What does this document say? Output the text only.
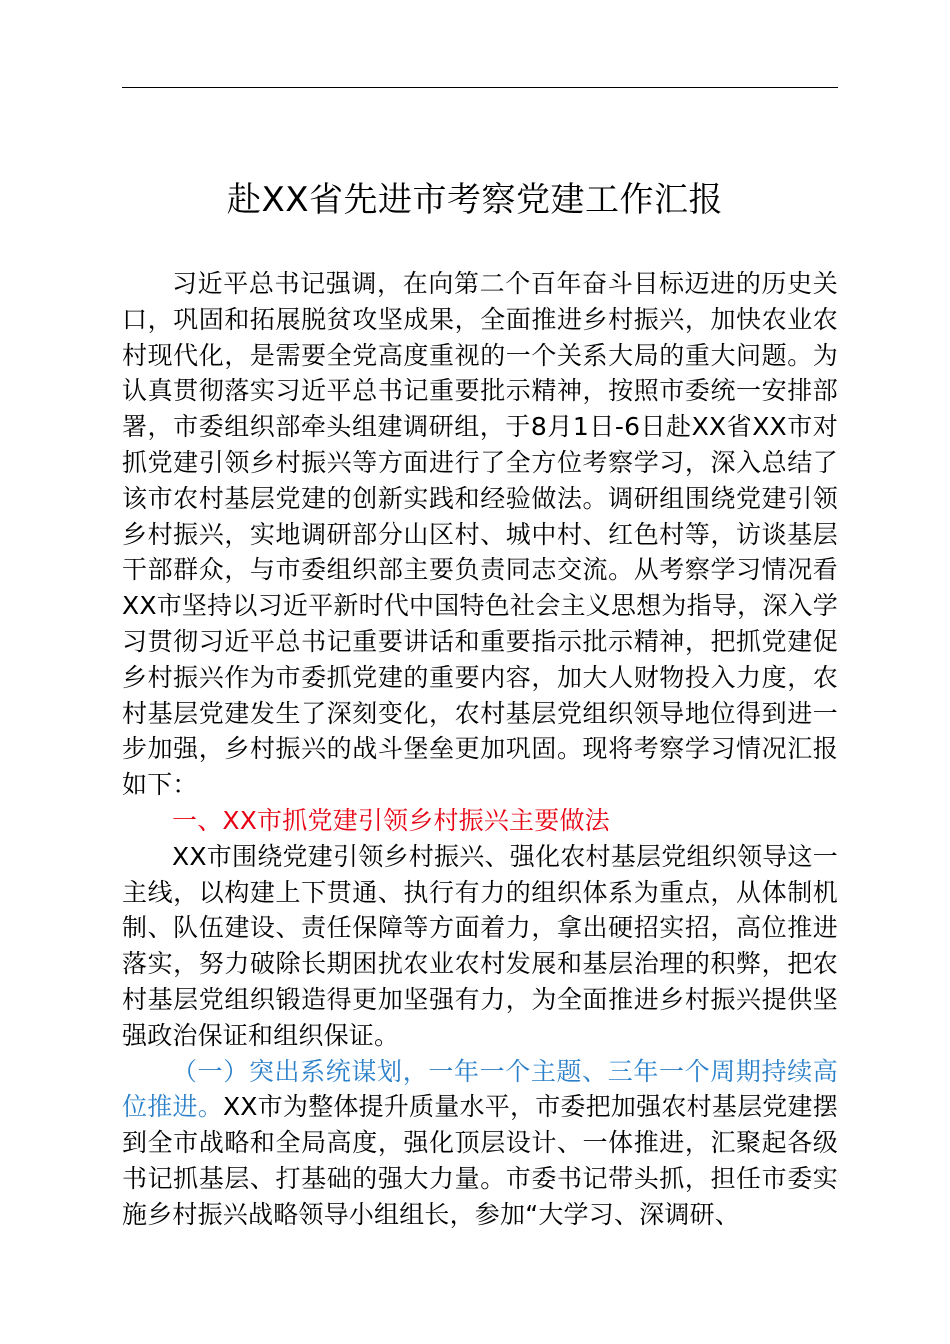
赴XX省先进市考察党建工作汇报

习近平总书记强调，在向第二个百年奋斗目标迈进的历史关口，巩固和拓展脱贫攻坚成果，全面推进乡村振兴，加快农业农村现代化，是需要全党高度重视的一个关系大局的重大问题。为认真贯彻落实习近平总书记重要批示精神，按照市委统一安排部署，市委组织部牵头组建调研组，于8月1日-6日赴XX省XX市对抓党建引领乡村振兴等方面进行了全方位考察学习，深入总结了该市农村基层党建的创新实践和经验做法。调研组围绕党建引领乡村振兴，实地调研部分山区村、城中村、红色村等，访谈基层干部群众，与市委组织部主要负责同志交流。从考察学习情况看XX市坚持以习近平新时代中国特色社会主义思想为指导，深入学习贯彻习近平总书记重要讲话和重要指示批示精神，把抓党建促乡村振兴作为市委抓党建的重要内容，加大人财物投入力度，农村基层党建发生了深刻变化，农村基层党组织领导地位得到进一步加强，乡村振兴的战斗堡垒更加巩固。现将考察学习情况汇报如下：

一、XX市抓党建引领乡村振兴主要做法

XX市围绕党建引领乡村振兴、强化农村基层党组织领导这一主线，以构建上下贯通、执行有力的组织体系为重点，从体制机制、队伍建设、责任保障等方面着力，拿出硬招实招，高位推进落实，努力破除长期困扰农业农村发展和基层治理的积弊，把农村基层党组织锻造得更加坚强有力，为全面推进乡村振兴提供坚强政治保证和组织保证。

（一）突出系统谋划，一年一个主题、三年一个周期持续高位推进。XX市为整体提升质量水平，市委把加强农村基层党建摆到全市战略和全局高度，强化顶层设计、一体推进，汇聚起各级书记抓基层、打基础的强大力量。市委书记带头抓，担任市委实施乡村振兴战略领导小组组长，参加“大学习、深调研、
